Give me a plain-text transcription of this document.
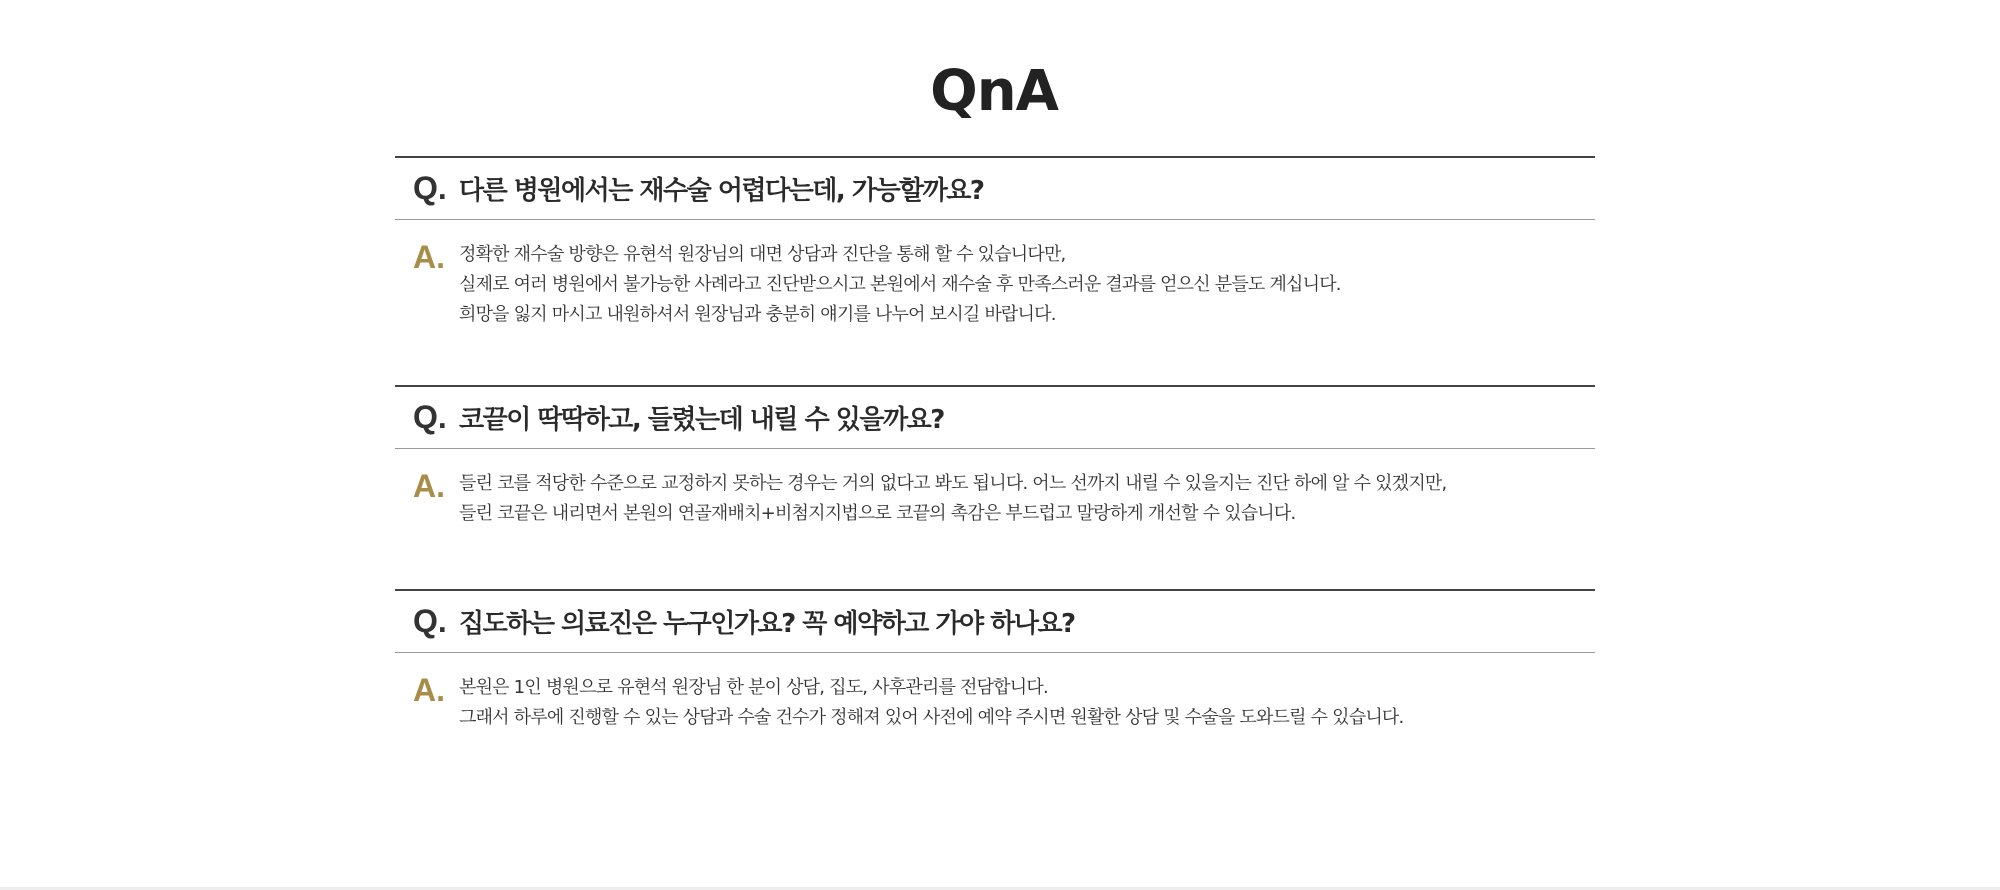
QnA
Q. 다른 병원에서는 재수술 어렵다는데, 가능할까요?
A. 정확한 재수술 방향은 유현석 원장님의 대면 상담과 진단을 통해 할 수 있습니다만,
실제로 여러 병원에서 불가능한 사례라고 진단받으시고 본원에서 재수술 후 만족스러운 결과를 얻으신 분들도 계십니다.
희망을 잃지 마시고 내원하셔서 원장님과 충분히 얘기를 나누어 보시길 바랍니다.
Q. 코끝이 딱딱하고, 들렸는데 내릴 수 있을까요?
A. 들린 코를 적당한 수준으로 교정하지 못하는 경우는 거의 없다고 봐도 됩니다. 어느 선까지 내릴 수 있을지는 진단 하에 알 수 있겠지만,
들린 코끝은 내리면서 본원의 연골재배치+비첨지지법으로 코끝의 촉감은 부드럽고 말랑하게 개선할 수 있습니다.
Q. 집도하는 의료진은 누구인가요? 꼭 예약하고 가야 하나요?
A. 본원은 1인 병원으로 유현석 원장님 한 분이 상담, 집도, 사후관리를 전담합니다.
그래서 하루에 진행할 수 있는 상담과 수술 건수가 정해져 있어 사전에 예약 주시면 원활한 상담 및 수술을 도와드릴 수 있습니다.
